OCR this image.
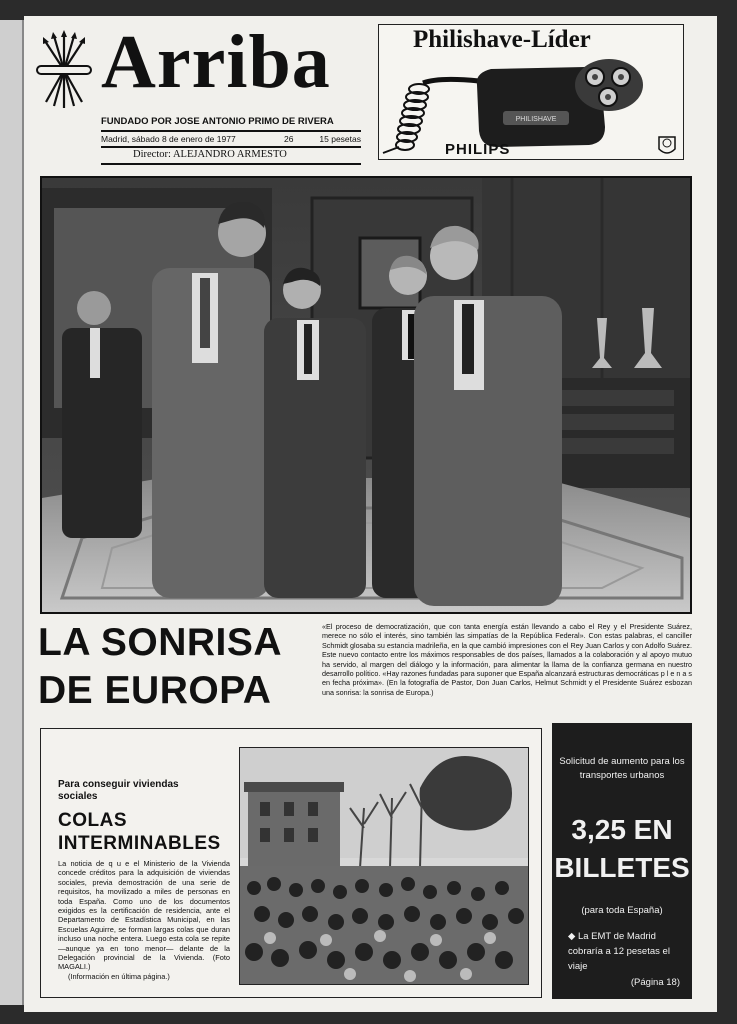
Arriba
FUNDADO POR JOSE ANTONIO PRIMO DE RIVERA
Madrid, sábado 8 de enero de 1977	26	15 pesetas
Director: ALEJANDRO ARMESTO
PHILISHAVE
Philishave-Líder
PHILIPS
LA SONRISA
DE EUROPA
«El proceso de democratización, que con tanta energía están llevando a cabo el Rey y el Presidente Suárez, merece no sólo el interés, sino también las simpatías de la República Federal». Con estas palabras, el canciller Schmidt glosaba su estancia madrileña, en la que cambió impresiones con el Rey Juan Carlos y con Adolfo Suárez. Este nuevo contacto entre los máximos responsables de dos países, llamados a la colaboración y al apoyo mutuo ha servido, al margen del diálogo y la información, para alimentar la llama de la confianza germana en nuestro desarrollo político. «Hay razones fundadas para suponer que España alcanzará estructuras democráticas p l e n a s en fecha próxima». (En la fotografía de Pastor, Don Juan Carlos, Helmut Schmidt y el Presidente Suárez esbozan una sonrisa: la sonrisa de Europa.)
Para conseguir viviendas sociales
COLAS
INTERMINABLES
La noticia de q u e el Ministerio de la Vivienda concede créditos para la adquisición de viviendas sociales, previa demostración de una serie de requisitos, ha movilizado a miles de personas en toda España. Como uno de los documentos exigidos es la certificación de residencia, ante el Departamento de Estadística Municipal, en las Escuelas Aguirre, se forman largas colas que duran incluso una noche entera. Luego esta cola se repite —aunque ya en tono menor— delante de la Delegación provincial de la Vivienda. (Foto MAGALI.)
(Información en última página.)
Solicitud de aumento para los transportes urbanos
3,25 EN
BILLETES
(para toda España)
◆ La EMT de Madrid cobraría a 12 pesetas el viaje
(Página 18)
